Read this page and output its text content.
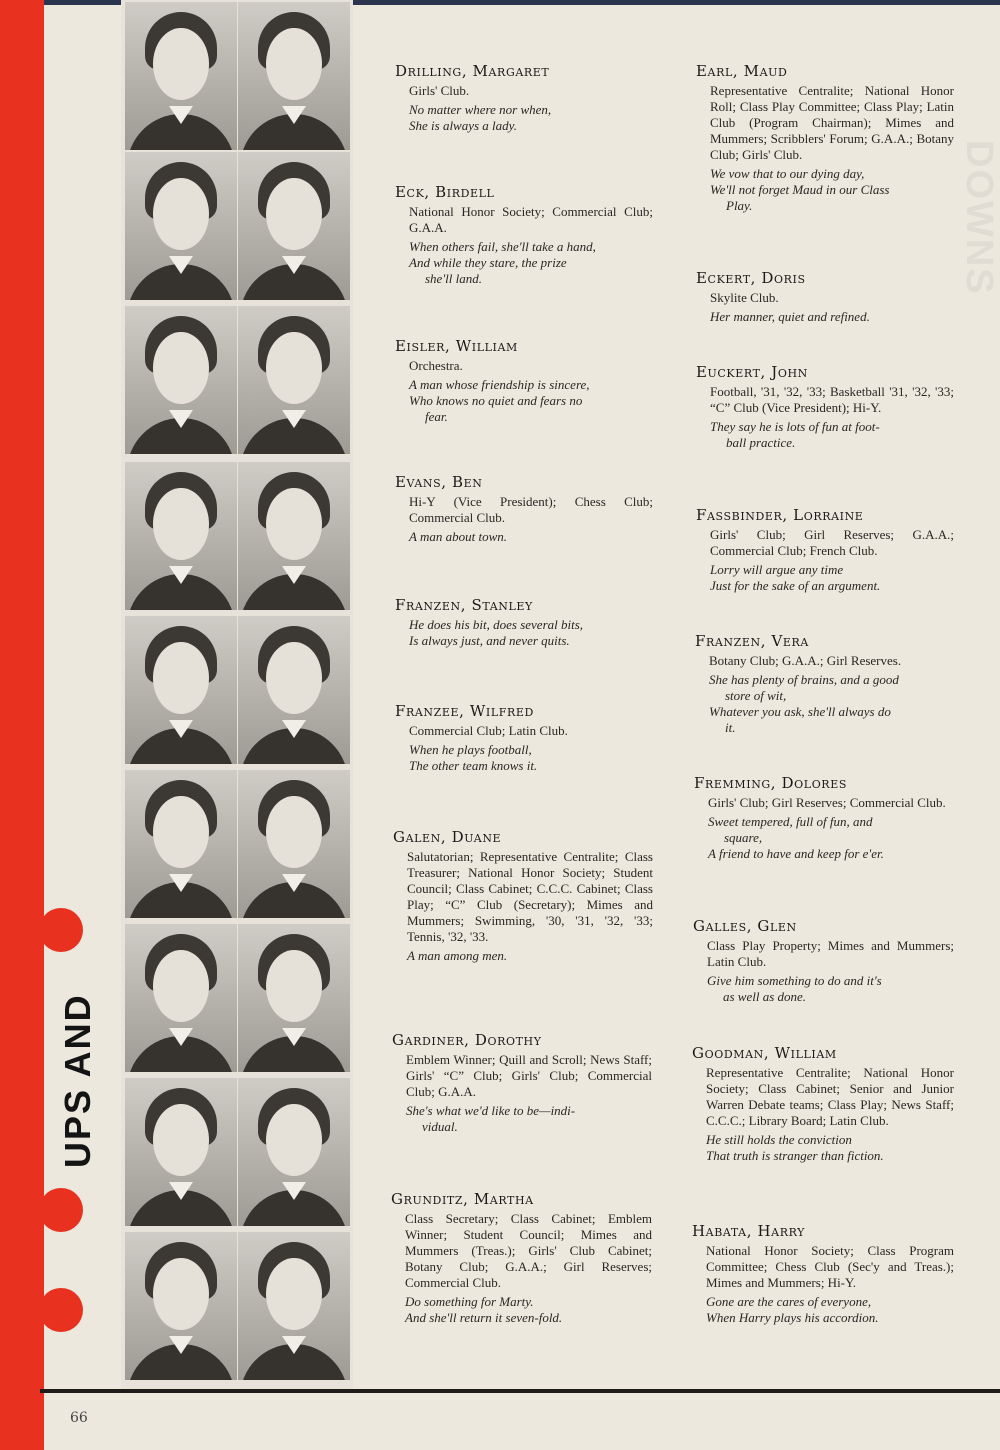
UPS AND
DOWNS
Drilling, Margaret
Girls' Club.
No matter where nor when,
She is always a lady.
Eck, Birdell
National Honor Society; Commercial Club; G.A.A.
When others fail, she'll take a hand,
And while they stare, the prize
she'll land.
Eisler, William
Orchestra.
A man whose friendship is sincere,
Who knows no quiet and fears no
fear.
Evans, Ben
Hi-Y (Vice President); Chess Club; Commercial Club.
A man about town.
Franzen, Stanley
He does his bit, does several bits,
Is always just, and never quits.
Franzee, Wilfred
Commercial Club; Latin Club.
When he plays football,
The other team knows it.
Galen, Duane
Salutatorian; Representative Centralite; Class Treasurer; National Honor Society; Student Council; Class Cabinet; C.C.C. Cabinet; Class Play; “C” Club (Secretary); Mimes and Mummers; Swimming, '30, '31, '32, '33; Tennis, '32, '33.
A man among men.
Gardiner, Dorothy
Emblem Winner; Quill and Scroll; News Staff; Girls' “C” Club; Girls' Club; Commercial Club; G.A.A.
She's what we'd like to be—indi-
vidual.
Grunditz, Martha
Class Secretary; Class Cabinet; Emblem Winner; Student Council; Mimes and Mummers (Treas.); Girls' Club Cabinet; Botany Club; G.A.A.; Girl Reserves; Commercial Club.
Do something for Marty.
And she'll return it seven-fold.
Earl, Maud
Representative Centralite; National Honor Roll; Class Play Committee; Class Play; Latin Club (Program Chairman); Mimes and Mummers; Scribblers' Forum; G.A.A.; Botany Club; Girls' Club.
We vow that to our dying day,
We'll not forget Maud in our Class
Play.
Eckert, Doris
Skylite Club.
Her manner, quiet and refined.
Euckert, John
Football, '31, '32, '33; Basketball '31, '32, '33; “C” Club (Vice President); Hi-Y.
They say he is lots of fun at foot-
ball practice.
Fassbinder, Lorraine
Girls' Club; Girl Reserves; G.A.A.; Commercial Club; French Club.
Lorry will argue any time
Just for the sake of an argument.
Franzen, Vera
Botany Club; G.A.A.; Girl Reserves.
She has plenty of brains, and a good
store of wit,
Whatever you ask, she'll always do
it.
Fremming, Dolores
Girls' Club; Girl Reserves; Commercial Club.
Sweet tempered, full of fun, and
square,
A friend to have and keep for e'er.
Galles, Glen
Class Play Property; Mimes and Mummers; Latin Club.
Give him something to do and it's
as well as done.
Goodman, William
Representative Centralite; National Honor Society; Class Cabinet; Senior and Junior Warren Debate teams; Class Play; News Staff; C.C.C.; Library Board; Latin Club.
He still holds the conviction
That truth is stranger than fiction.
Habata, Harry
National Honor Society; Class Program Committee; Chess Club (Sec'y and Treas.); Mimes and Mummers; Hi-Y.
Gone are the cares of everyone,
When Harry plays his accordion.
66
